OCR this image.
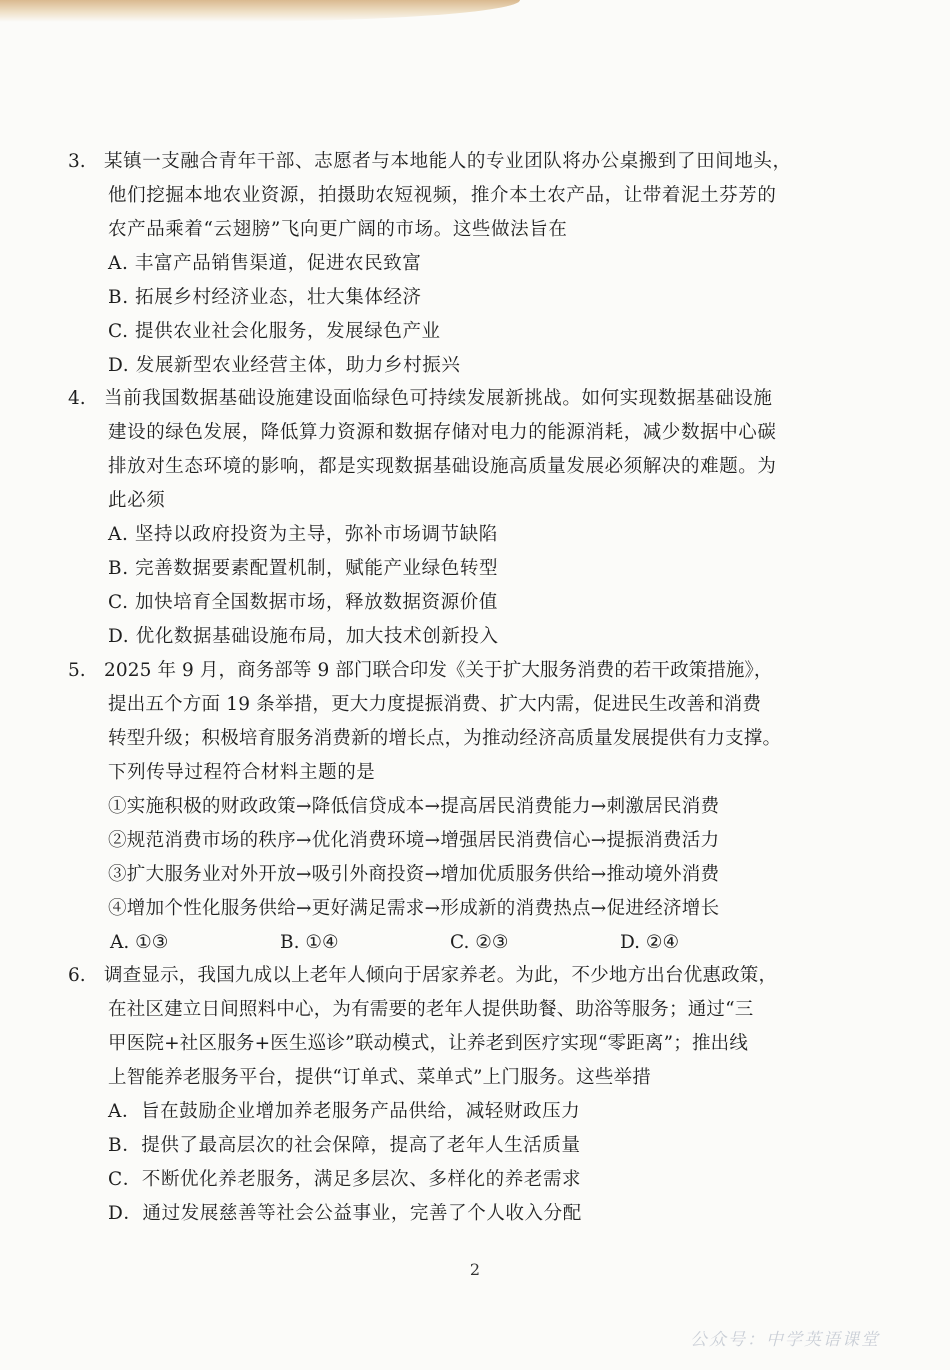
3. 某镇一支融合青年干部、志愿者与本地能人的专业团队将办公桌搬到了田间地头，
他们挖掘本地农业资源，拍摄助农短视频，推介本土农产品，让带着泥土芬芳的
农产品乘着“云翅膀”飞向更广阔的市场。这些做法旨在
A. 丰富产品销售渠道，促进农民致富
B. 拓展乡村经济业态，壮大集体经济
C. 提供农业社会化服务，发展绿色产业
D. 发展新型农业经营主体，助力乡村振兴
4. 当前我国数据基础设施建设面临绿色可持续发展新挑战。如何实现数据基础设施
建设的绿色发展，降低算力资源和数据存储对电力的能源消耗，减少数据中心碳
排放对生态环境的影响，都是实现数据基础设施高质量发展必须解决的难题。为
此必须
A. 坚持以政府投资为主导，弥补市场调节缺陷
B. 完善数据要素配置机制，赋能产业绿色转型
C. 加快培育全国数据市场，释放数据资源价值
D. 优化数据基础设施布局，加大技术创新投入
5. 2025 年 9 月，商务部等 9 部门联合印发《关于扩大服务消费的若干政策措施》，
提出五个方面 19 条举措，更大力度提振消费、扩大内需，促进民生改善和消费
转型升级；积极培育服务消费新的增长点，为推动经济高质量发展提供有力支撑。
下列传导过程符合材料主题的是
①实施积极的财政政策→降低信贷成本→提高居民消费能力→刺激居民消费
②规范消费市场的秩序→优化消费环境→增强居民消费信心→提振消费活力
③扩大服务业对外开放→吸引外商投资→增加优质服务供给→推动境外消费
④增加个性化服务供给→更好满足需求→形成新的消费热点→促进经济增长
A. ①③	B. ①④	C. ②③	D. ②④
6. 调查显示，我国九成以上老年人倾向于居家养老。为此，不少地方出台优惠政策，
在社区建立日间照料中心，为有需要的老年人提供助餐、助浴等服务；通过“三
甲医院+社区服务+医生巡诊”联动模式，让养老到医疗实现“零距离”；推出线
上智能养老服务平台，提供“订单式、菜单式”上门服务。这些举措
A．旨在鼓励企业增加养老服务产品供给，减轻财政压力
B．提供了最高层次的社会保障，提高了老年人生活质量
C．不断优化养老服务，满足多层次、多样化的养老需求
D．通过发展慈善等社会公益事业，完善了个人收入分配
2
公众号：中学英语课堂
